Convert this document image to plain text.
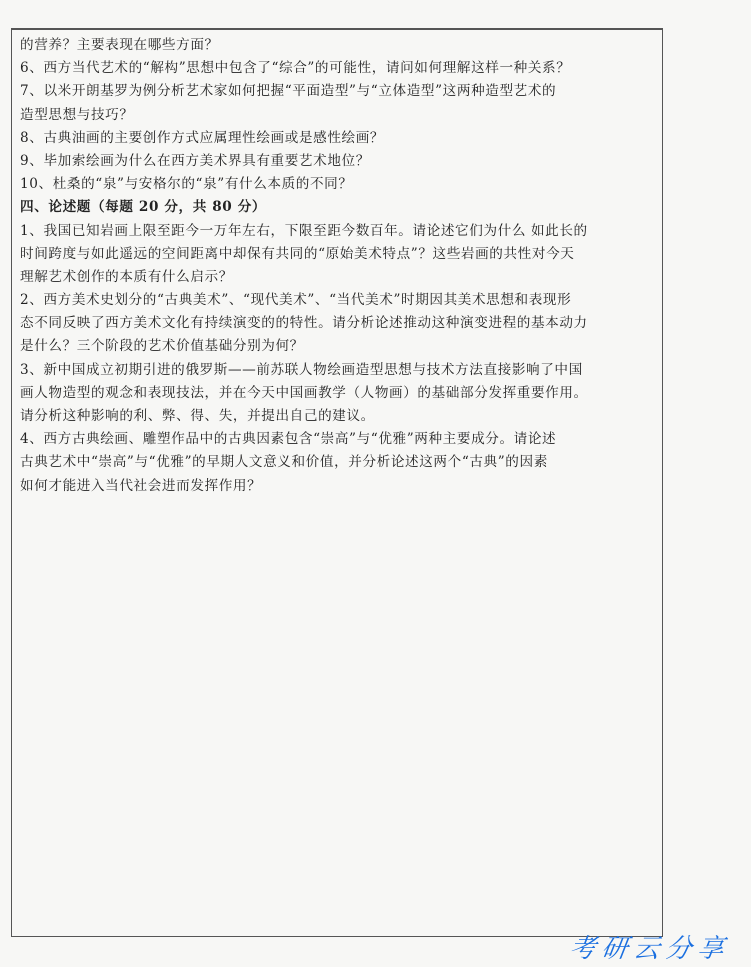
的营养？主要表现在哪些方面？
6、西方当代艺术的“解构”思想中包含了“综合”的可能性，请问如何理解这样一种关系？
7、以米开朗基罗为例分析艺术家如何把握“平面造型”与“立体造型”这两种造型艺术的
造型思想与技巧？
8、古典油画的主要创作方式应属理性绘画或是感性绘画？
9、毕加索绘画为什么在西方美术界具有重要艺术地位？
10、杜桑的“泉”与安格尔的“泉”有什么本质的不同？
四、论述题（每题 20 分，共 80 分）
1、我国已知岩画上限至距今一万年左右，下限至距今数百年。请论述它们为什么 如此长的
时间跨度与如此遥远的空间距离中却保有共同的“原始美术特点”？这些岩画的共性对今天
理解艺术创作的本质有什么启示？
2、西方美术史划分的“古典美术”、“现代美术”、“当代美术”时期因其美术思想和表现形
态不同反映了西方美术文化有持续演变的的特性。请分析论述推动这种演变进程的基本动力
是什么？三个阶段的艺术价值基础分别为何？
3、新中国成立初期引进的俄罗斯——前苏联人物绘画造型思想与技术方法直接影响了中国
画人物造型的观念和表现技法，并在今天中国画教学（人物画）的基础部分发挥重要作用。
请分析这种影响的利、弊、得、失，并提出自己的建议。
4、西方古典绘画、雕塑作品中的古典因素包含“崇高”与“优雅”两种主要成分。请论述
古典艺术中“崇高”与“优雅”的早期人文意义和价值，并分析论述这两个“古典”的因素
如何才能进入当代社会进而发挥作用？
考研云分享
